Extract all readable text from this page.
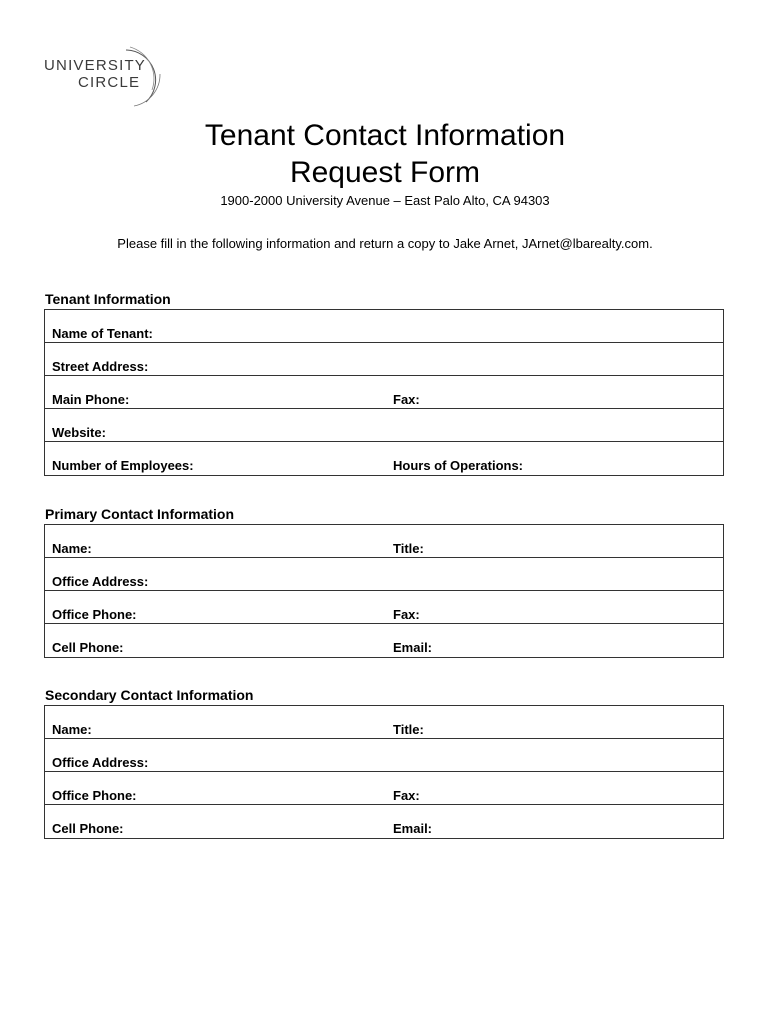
UNIVERSITY
CIRCLE
Tenant Contact Information
Request Form
1900-2000 University Avenue – East Palo Alto, CA 94303
Please fill in the following information and return a copy to Jake Arnet, JArnet@lbarealty.com.
Tenant Information
Name of Tenant:
Street Address:
Main Phone:	Fax:
Website:
Number of Employees:	Hours of Operations:
Primary Contact Information
Name:	Title:
Office Address:
Office Phone:	Fax:
Cell Phone:	Email:
Secondary Contact Information
Name:	Title:
Office Address:
Office Phone:	Fax:
Cell Phone:	Email:
